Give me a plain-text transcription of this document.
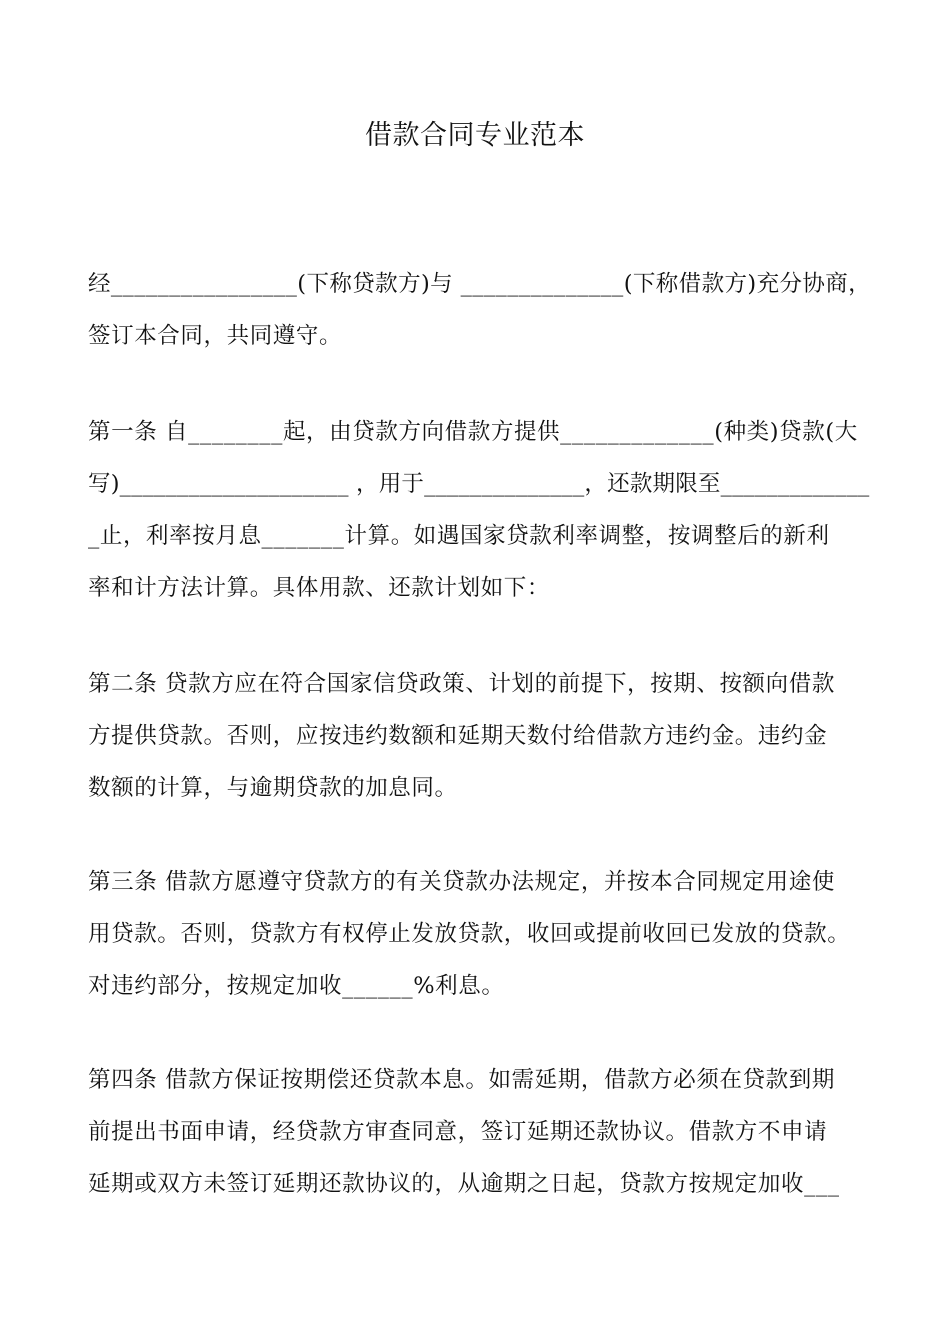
借款合同专业范本
经________________(下称贷款方)与 ______________(下称借款方)充分协商，
签订本合同，共同遵守。
第一条 自________起，由贷款方向借款方提供_____________(种类)贷款(大
写)____________________ ，用于______________，还款期限至_____________
_止，利率按月息_______计算。如遇国家贷款利率调整，按调整后的新利
率和计方法计算。具体用款、还款计划如下：
第二条 贷款方应在符合国家信贷政策、计划的前提下，按期、按额向借款
方提供贷款。否则，应按违约数额和延期天数付给借款方违约金。违约金
数额的计算，与逾期贷款的加息同。
第三条 借款方愿遵守贷款方的有关贷款办法规定，并按本合同规定用途使
用贷款。否则，贷款方有权停止发放贷款，收回或提前收回已发放的贷款。
对违约部分，按规定加收______%利息。
第四条 借款方保证按期偿还贷款本息。如需延期，借款方必须在贷款到期
前提出书面申请，经贷款方审查同意，签订延期还款协议。借款方不申请
延期或双方未签订延期还款协议的，从逾期之日起，贷款方按规定加收___
